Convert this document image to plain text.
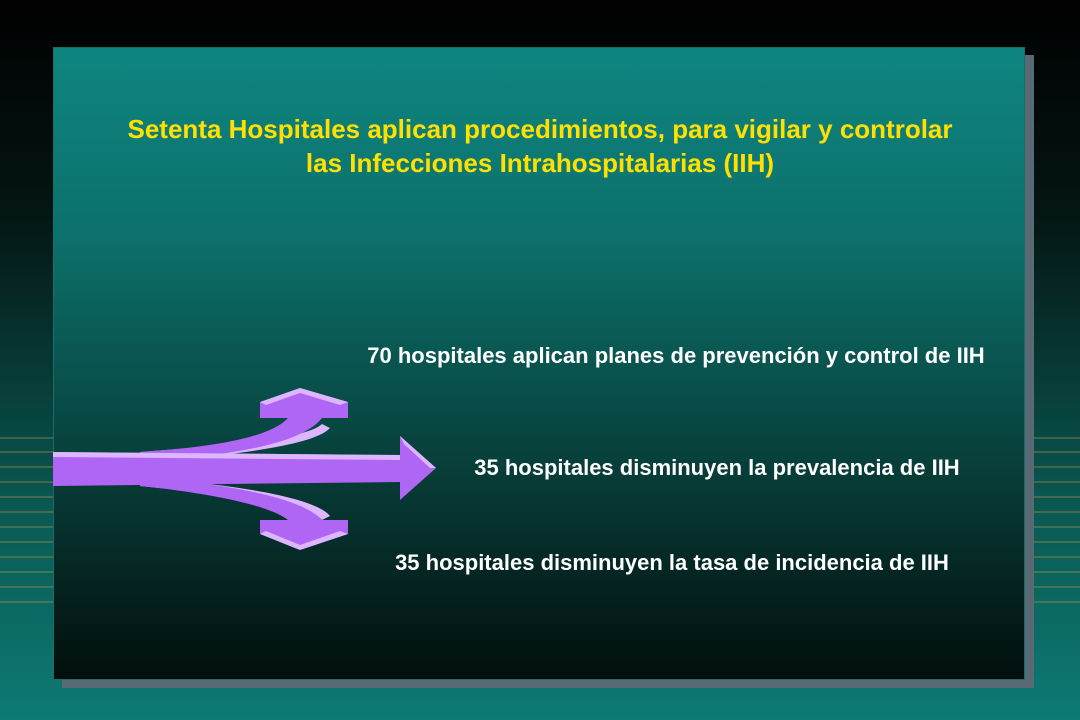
Setenta Hospitales aplican procedimientos, para vigilar y controlar las Infecciones Intrahospitalarias (IIH)

70 hospitales aplican planes de prevención y control de IIH

35 hospitales disminuyen la prevalencia de IIH

35 hospitales disminuyen la tasa de incidencia de IIH
